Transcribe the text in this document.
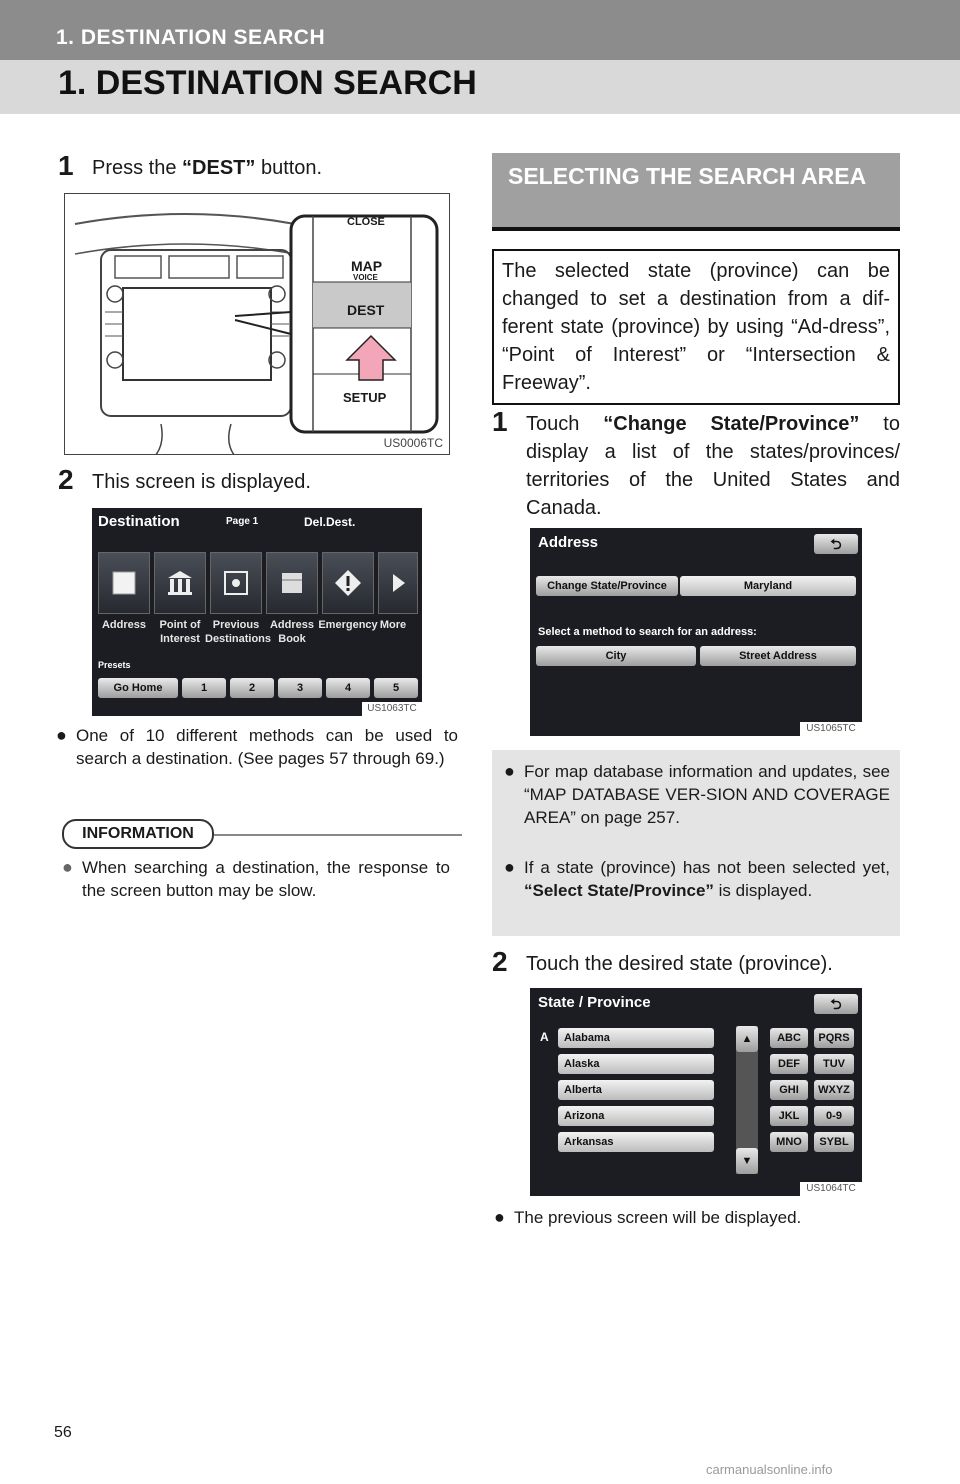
1. DESTINATION SEARCH
1. DESTINATION SEARCH
1 Press the “DEST” button.
CLOSE
MAP
VOICE
DEST
SETUP
US0006TC
2 This screen is displayed.
Destination	Page 1	Del.Dest.
Address	Point of Interest
Previous Destinations
Address Book
Emergency More
Presets
Go Home	1	2	3	4	5
US1063TC
● One of 10 different methods can be used to search a destination. (See pages 57 through 69.)
INFORMATION
● When searching a destination, the response to the screen button may be slow.
SELECTING THE SEARCH AREA
The selected state (province) can be changed to set a destination from a dif-ferent state (province) by using “Ad-dress”, “Point of Interest” or “Intersection & Freeway”.
1 Touch “Change State/Province” to display a list of the states/provinces/ territories of the United States and Canada.
Address	⮌
Change State/Province	Maryland
Select a method to search for an address:
City	Street Address
US1065TC
● For map database information and updates, see “MAP DATABASE VER-SION AND COVERAGE AREA” on page 257.
● If a state (province) has not been selected yet, “Select State/Province” is displayed.
2 Touch the desired state (province).
State / Province	⮌
A	Alabama
Alaska
Alberta
Arizona
Arkansas
▲
▼
ABC	PQRS
DEF	TUV
GHI	WXYZ
JKL	0-9
MNO	SYBL
US1064TC
● The previous screen will be displayed.
56
carmanualsonline.info
